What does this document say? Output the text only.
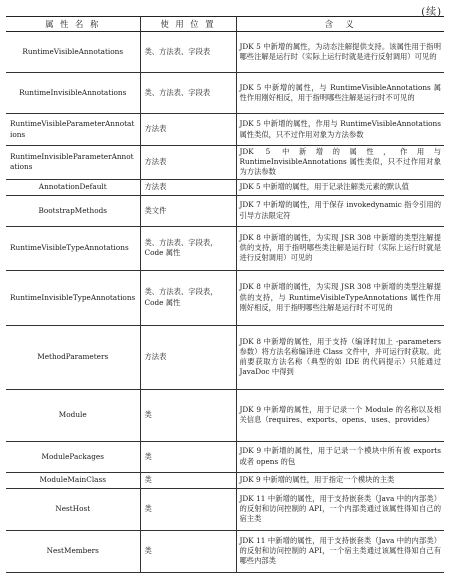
(续)
属 性 名 称	使 用 位 置	含　义
RuntimeVisibleAnnotations	类、方法表、字段表	JDK 5 中新增的属性，为动态注解提供支持。该属性用于指明哪些注解是运行时（实际上运行时就是进行反射调用）可见的
RuntimeInvisibleAnnotations	类、方法表、字段表	JDK 5 中新增的属性，与 RuntimeVisibleAnnotations 属性作用刚好相反，用于指明哪些注解是运行时不可见的
RuntimeVisibleParameterAnnotations	方法表	JDK 5 中新增的属性，作用与 RuntimeVisibleAnnotations 属性类似，只不过作用对象为方法参数
RuntimeInvisibleParameterAnnotations	方法表	JDK 5 中新增的属性，作用与 RuntimeInvisibleAnnotations 属性类似，只不过作用对象为方法参数
AnnotationDefault	方法表	JDK 5 中新增的属性，用于记录注解类元素的默认值
BootstrapMethods	类文件	JDK 7 中新增的属性，用于保存 invokedynamic 指令引用的引导方法限定符
RuntimeVisibleTypeAnnotations	类、方法表、字段表，Code 属性	JDK 8 中新增的属性，为实现 JSR 308 中新增的类型注解提供的支持，用于指明哪些类注解是运行时（实际上运行时就是进行反射调用）可见的
RuntimeInvisibleTypeAnnotations	类、方法表、字段表，Code 属性	JDK 8 中新增的属性，为实现 JSR 308 中新增的类型注解提供的支持，与 RuntimeVisibleTypeAnnotations 属性作用刚好相反，用于指明哪些注解是运行时不可见的
MethodParameters	方法表	JDK 8 中新增的属性，用于支持（编译时加上 -parameters 参数）将方法名称编译进 Class 文件中，并可运行时获取。此前要获取方法名称（典型的如 IDE 的代码提示）只能通过 JavaDoc 中得到
Module	类	JDK 9 中新增的属性，用于记录一个 Module 的名称以及相关信息（requires、exports、opens、uses、provides）
ModulePackages	类	JDK 9 中新增的属性，用于记录一个模块中所有被 exports 或者 opens 的包
ModuleMainClass	类	JDK 9 中新增的属性，用于指定一个模块的主类
NestHost	类	JDK 11 中新增的属性，用于支持嵌套类（Java 中的内部类）的反射和访问控制的 API，一个内部类通过该属性得知自己的宿主类
NestMembers	类	JDK 11 中新增的属性，用于支持嵌套类（Java 中的内部类）的反射和访问控制的 API，一个宿主类通过该属性得知自己有哪些内部类
